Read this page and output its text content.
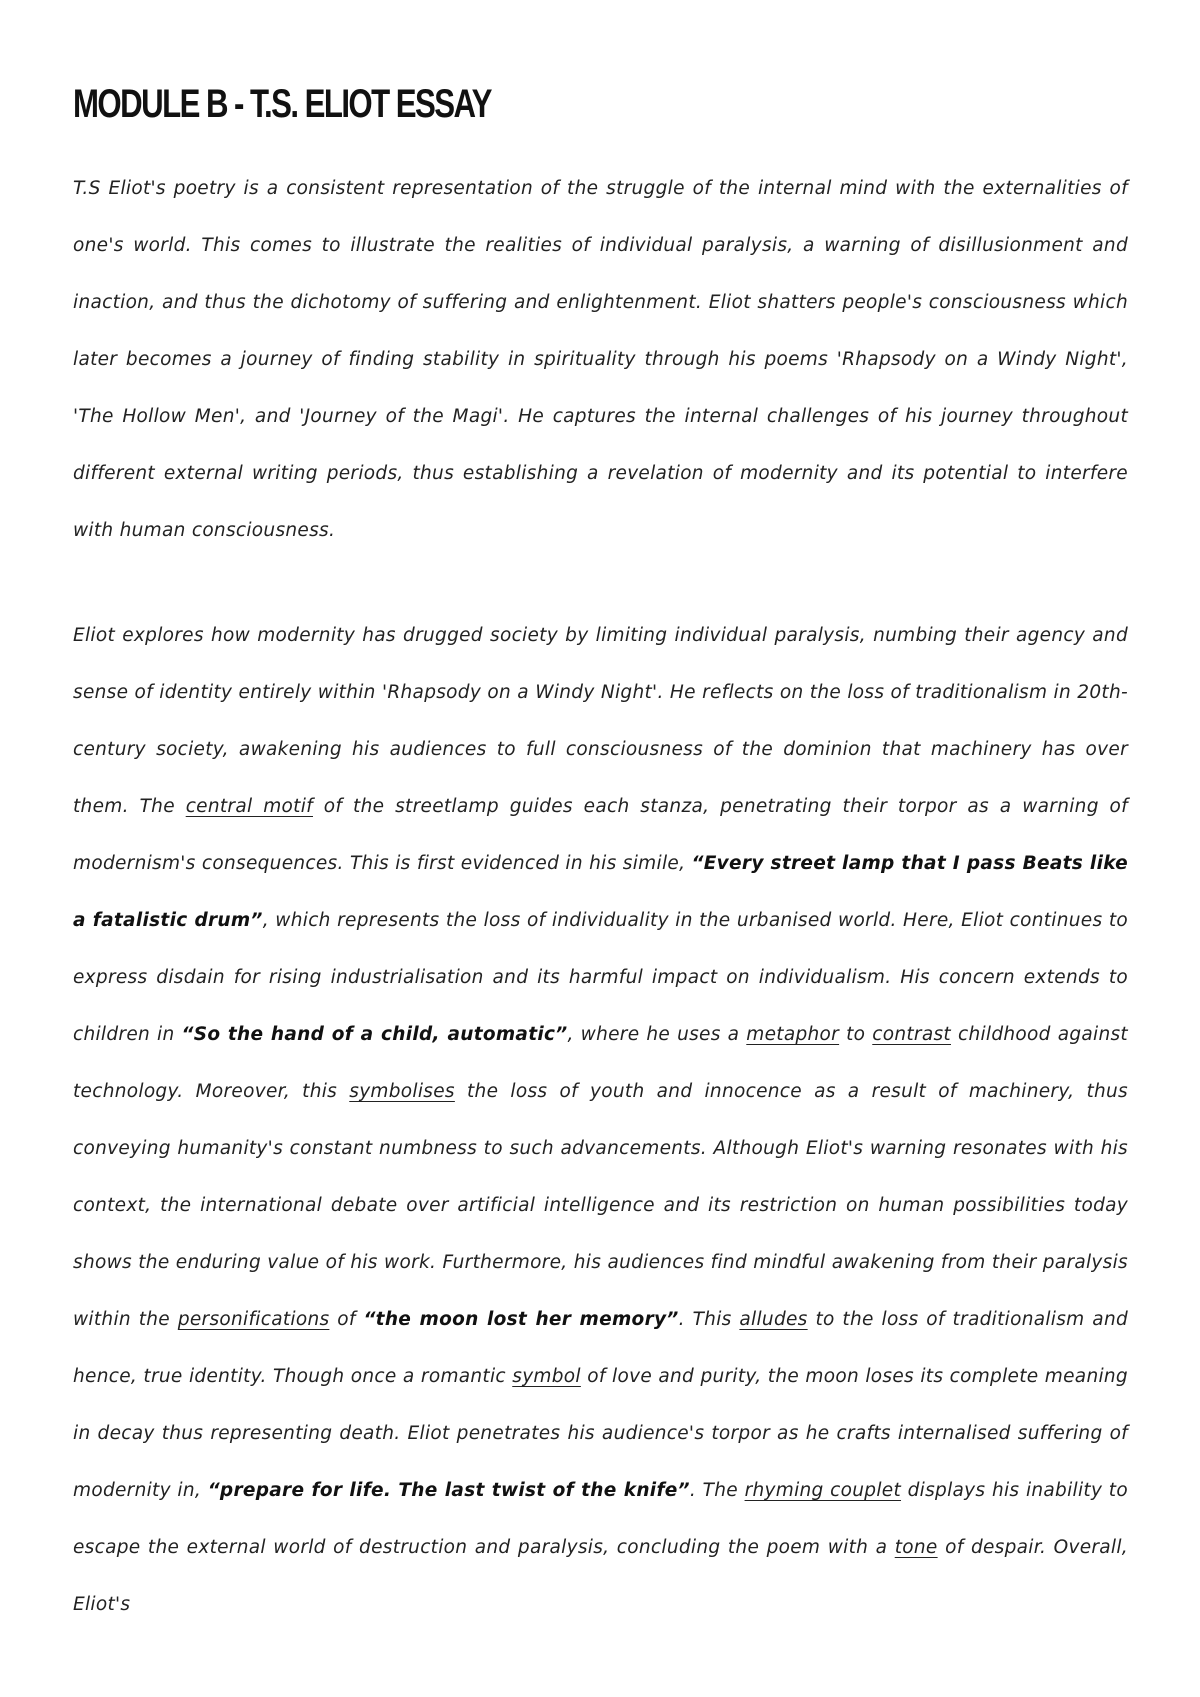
MODULE B - T.S. ELIOT ESSAY

T.S Eliot's poetry is a consistent representation of the struggle of the internal mind with the externalities of one's world. This comes to illustrate the realities of individual paralysis, a warning of disillusionment and inaction, and thus the dichotomy of suffering and enlightenment. Eliot shatters people's consciousness which later becomes a journey of finding stability in spirituality through his poems 'Rhapsody on a Windy Night', 'The Hollow Men', and 'Journey of the Magi'. He captures the internal challenges of his journey throughout different external writing periods, thus establishing a revelation of modernity and its potential to interfere with human consciousness.

Eliot explores how modernity has drugged society by limiting individual paralysis, numbing their agency and sense of identity entirely within 'Rhapsody on a Windy Night'. He reflects on the loss of traditionalism in 20th-century society, awakening his audiences to full consciousness of the dominion that machinery has over them. The central motif of the streetlamp guides each stanza, penetrating their torpor as a warning of modernism's consequences. This is first evidenced in his simile, “Every street lamp that I pass Beats like a fatalistic drum”, which represents the loss of individuality in the urbanised world. Here, Eliot continues to express disdain for rising industrialisation and its harmful impact on individualism. His concern extends to children in “So the hand of a child, automatic”, where he uses a metaphor to contrast childhood against technology. Moreover, this symbolises the loss of youth and innocence as a result of machinery, thus conveying humanity's constant numbness to such advancements. Although Eliot's warning resonates with his context, the international debate over artificial intelligence and its restriction on human possibilities today shows the enduring value of his work. Furthermore, his audiences find mindful awakening from their paralysis within the personifications of “the moon lost her memory”. This alludes to the loss of traditionalism and hence, true identity. Though once a romantic symbol of love and purity, the moon loses its complete meaning in decay thus representing death. Eliot penetrates his audience's torpor as he crafts internalised suffering of modernity in, “prepare for life. The last twist of the knife”. The rhyming couplet displays his inability to escape the external world of destruction and paralysis, concluding the poem with a tone of despair. Overall, Eliot's
